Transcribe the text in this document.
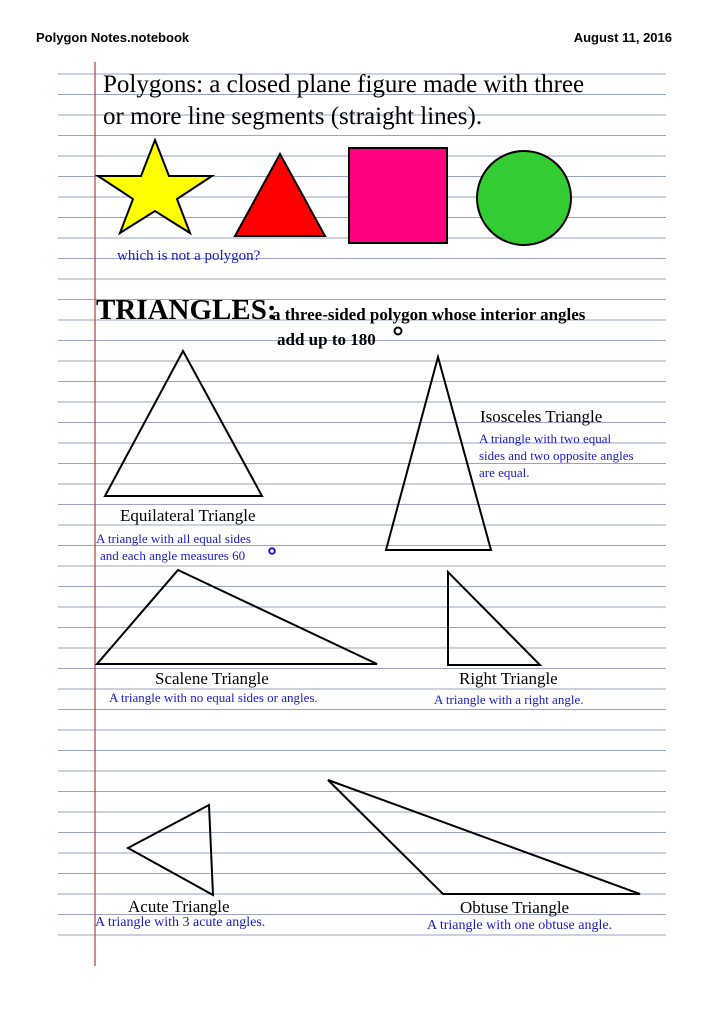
Polygon Notes.notebook	August 11, 2016
Polygons: a closed plane figure made with three
or more line segments (straight lines).
which is not a polygon?
TRIANGLES:
a three-sided polygon whose interior angles
add up to 180
Equilateral Triangle
A triangle with all equal sides
and each angle measures 60
Isosceles Triangle
A triangle with two equal
sides and two opposite angles
are equal.
Scalene Triangle
A triangle with no equal sides or angles.
Right Triangle
A triangle with a right angle.
Acute Triangle
A triangle with 3 acute angles.
Obtuse Triangle
A triangle with one obtuse angle.
